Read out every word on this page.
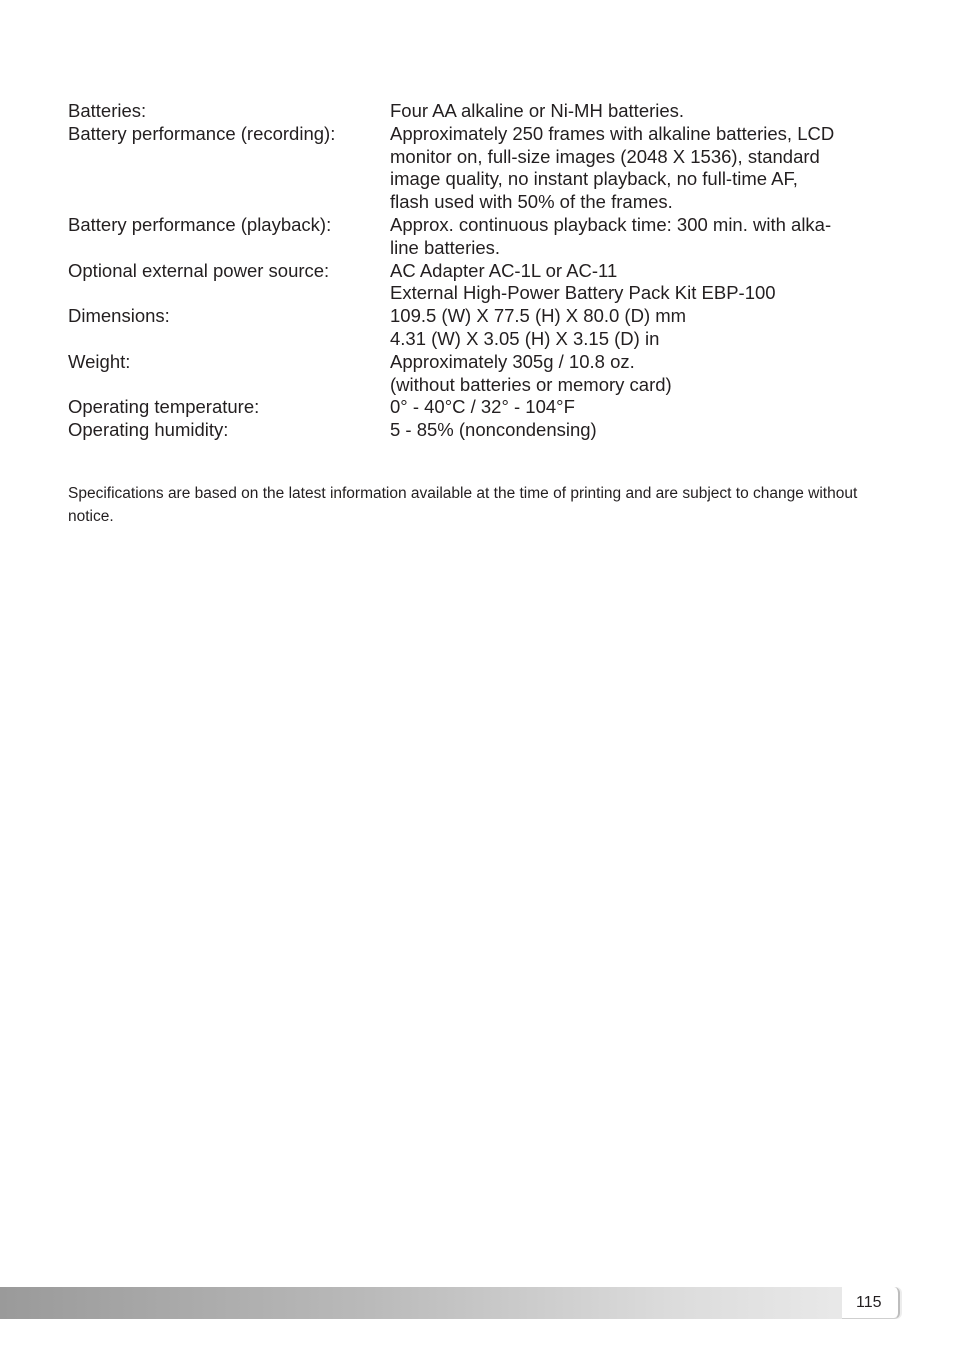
Batteries:	Four AA alkaline or Ni-MH batteries.
Battery performance (recording):	Approximately 250 frames with alkaline batteries, LCD
monitor on, full-size images (2048 X 1536), standard
image quality, no instant playback, no full-time AF,
flash used with 50% of the frames.
Battery performance (playback):	Approx. continuous playback time: 300 min. with alka-
line batteries.
Optional external power source:	AC Adapter AC-1L or AC-11
External High-Power Battery Pack Kit EBP-100
Dimensions:	109.5 (W) X 77.5 (H) X 80.0 (D) mm
4.31 (W) X 3.05 (H) X 3.15 (D) in
Weight:	Approximately 305g / 10.8 oz.
(without batteries or memory card)
Operating temperature:	0° - 40°C / 32° - 104°F
Operating humidity:	5 - 85% (noncondensing)

Specifications are based on the latest information available at the time of printing and are subject to change without notice.

115
